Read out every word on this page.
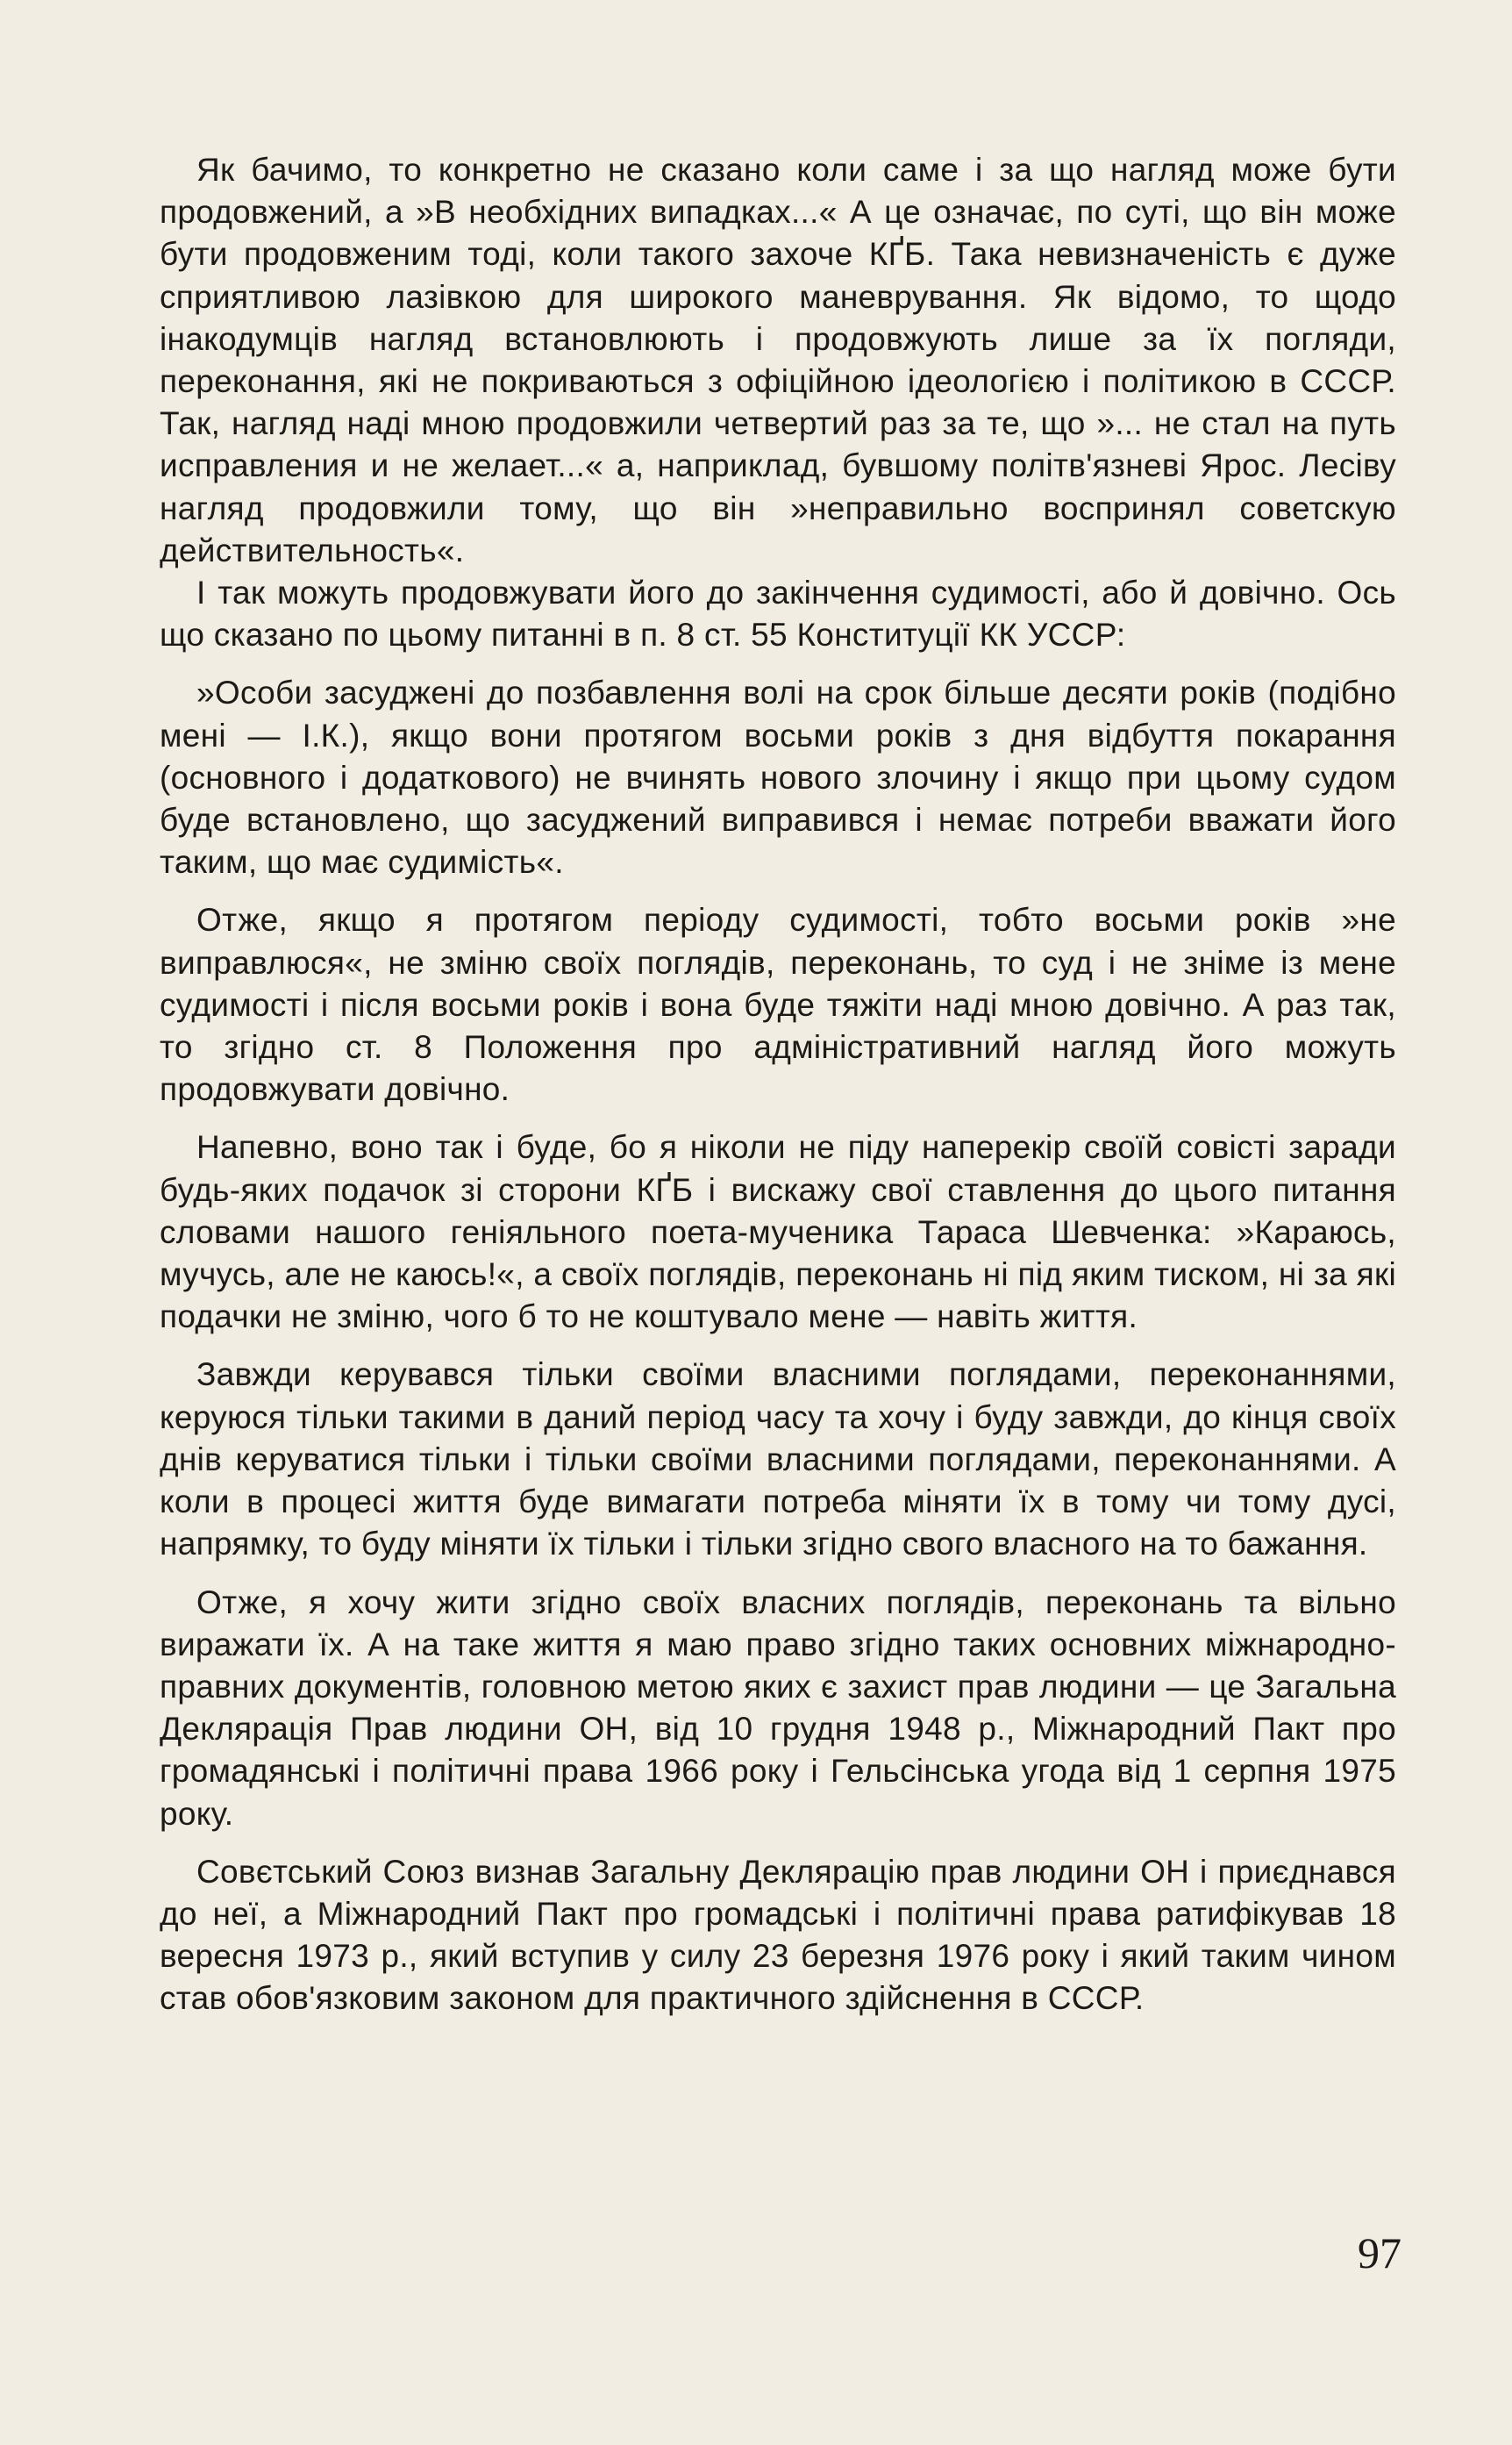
Як бачимо, то конкретно не сказано коли саме і за що нагляд може бути продовжений, а »В необхідних випадках...« А це означає, по суті, що він може бути продовженим тоді, коли такого захоче КҐБ. Така невизначеність є дуже сприятливою лазівкою для широкого маневрування. Як відомо, то щодо інакодумців нагляд встановлюють і продовжують лише за їх погляди, переконання, які не покриваються з офіційною ідеологією і політикою в СССР. Так, нагляд наді мною продовжили четвертий раз за те, що »... не стал на путь исправления и не желает...« а, наприклад, бувшому політв'язневі Ярос. Лесіву нагляд продовжили тому, що він »неправильно воспринял советскую действительность«.

І так можуть продовжувати його до закінчення судимості, або й довічно. Ось що сказано по цьому питанні в п. 8 ст. 55 Конституції КК УССР:

»Особи засуджені до позбавлення волі на срок більше десяти років (подібно мені — І.К.), якщо вони протягом восьми років з дня відбуття покарання (основного і додаткового) не вчинять нового злочину і якщо при цьому судом буде встановлено, що засуджений виправився і немає потреби вважати його таким, що має судимість«.

Отже, якщо я протягом періоду судимості, тобто восьми років »не виправлюся«, не зміню своїх поглядів, переконань, то суд і не зніме із мене судимості і після восьми років і вона буде тяжіти наді мною довічно. А раз так, то згідно ст. 8 Положення про адміністративний нагляд його можуть продовжувати довічно.

Напевно, воно так і буде, бо я ніколи не піду наперекір своїй совісті заради будь-яких подачок зі сторони КҐБ і вискажу свої ставлення до цього питання словами нашого геніяльного поета-мученика Тараса Шевченка: »Караюсь, мучусь, але не каюсь!«, а своїх поглядів, переконань ні під яким тиском, ні за які подачки не зміню, чого б то не коштувало мене — навіть життя.

Завжди керувався тільки своїми власними поглядами, переконаннями, керуюся тільки такими в даний період часу та хочу і буду завжди, до кінця своїх днів керуватися тільки і тільки своїми власними поглядами, переконаннями. А коли в процесі життя буде вимагати потреба міняти їх в тому чи тому дусі, напрямку, то буду міняти їх тільки і тільки згідно свого власного на то бажання.

Отже, я хочу жити згідно своїх власних поглядів, переконань та вільно виражати їх. А на таке життя я маю право згідно таких основних міжнародно-правних документів, головною метою яких є захист прав людини — це Загальна Деклярація Прав людини ОН, від 10 грудня 1948 р., Міжнародний Пакт про громадянські і політичні права 1966 року і Гельсінська угода від 1 серпня 1975 року.

Совєтський Союз визнав Загальну Деклярацію прав людини ОН і приєднався до неї, а Міжнародний Пакт про громадські і політичні права ратифікував 18 вересня 1973 р., який вступив у силу 23 березня 1976 року і який таким чином став обов'язковим законом для практичного здійснення в СССР.

97
